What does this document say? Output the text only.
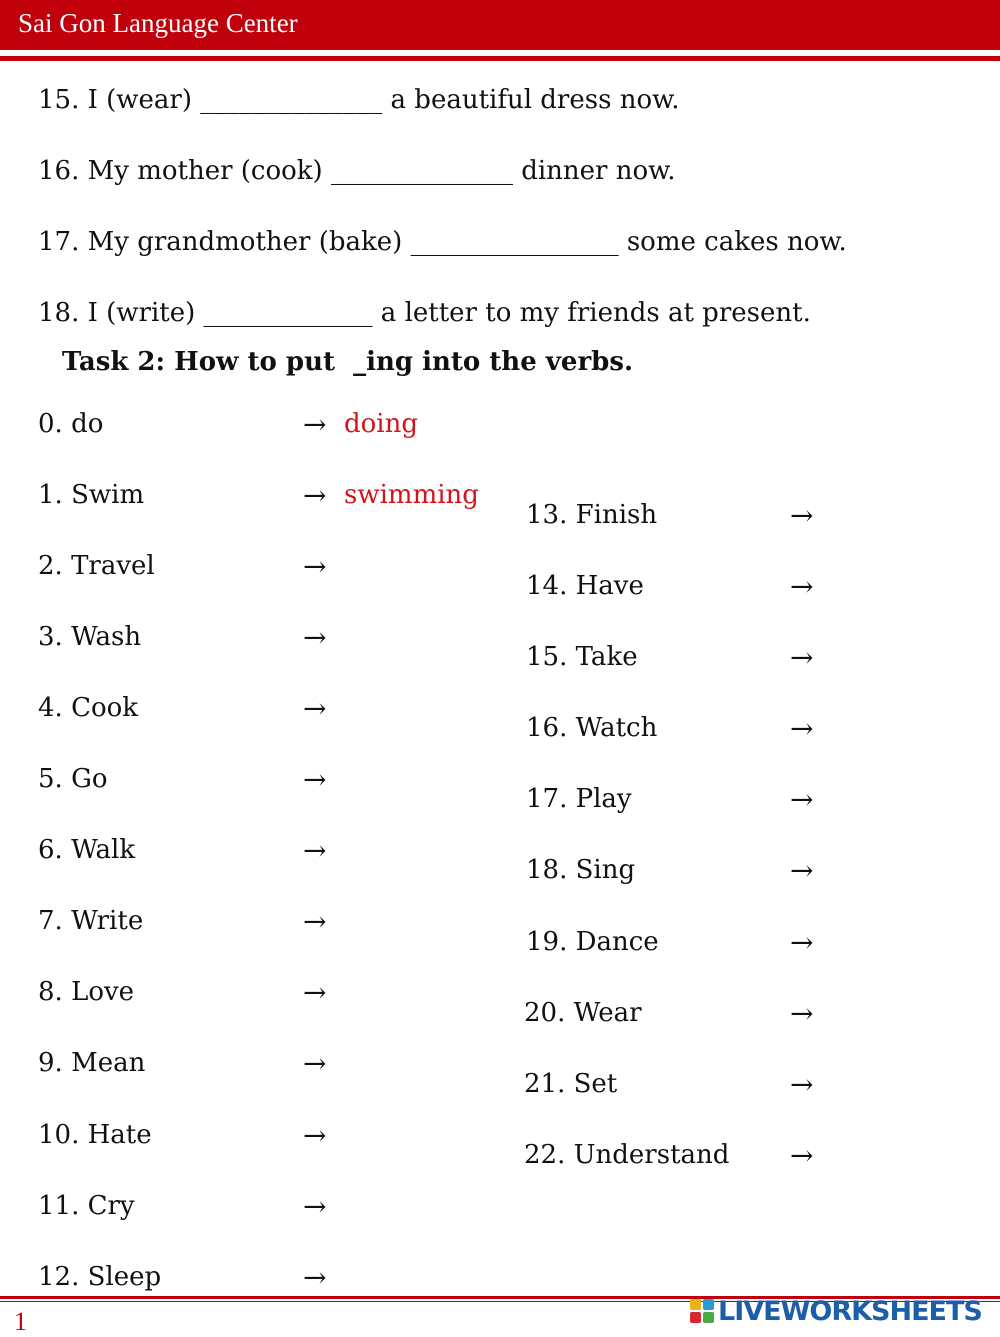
Sai Gon Language Center
15. I (wear) ______________ a beautiful dress now.
16. My mother (cook) ______________ dinner now.
17. My grandmother (bake) ________________ some cakes now.
18. I (write) _____________ a letter to my friends at present.
Task 2: How to put  _ing into the verbs.
0. do	→ doing
1. Swim	→ swimming
2. Travel	→
3. Wash	→
4. Cook	→
5. Go	→
6. Walk	→
7. Write	→
8. Love	→
9. Mean	→
10. Hate	→
11. Cry	→
12. Sleep	→
13. Finish	→
14. Have	→
15. Take	→
16. Watch	→
17. Play	→
18. Sing	→
19. Dance	→
20. Wear	→
21. Set	→
22. Understand →
1	LIVEWORKSHEETS
